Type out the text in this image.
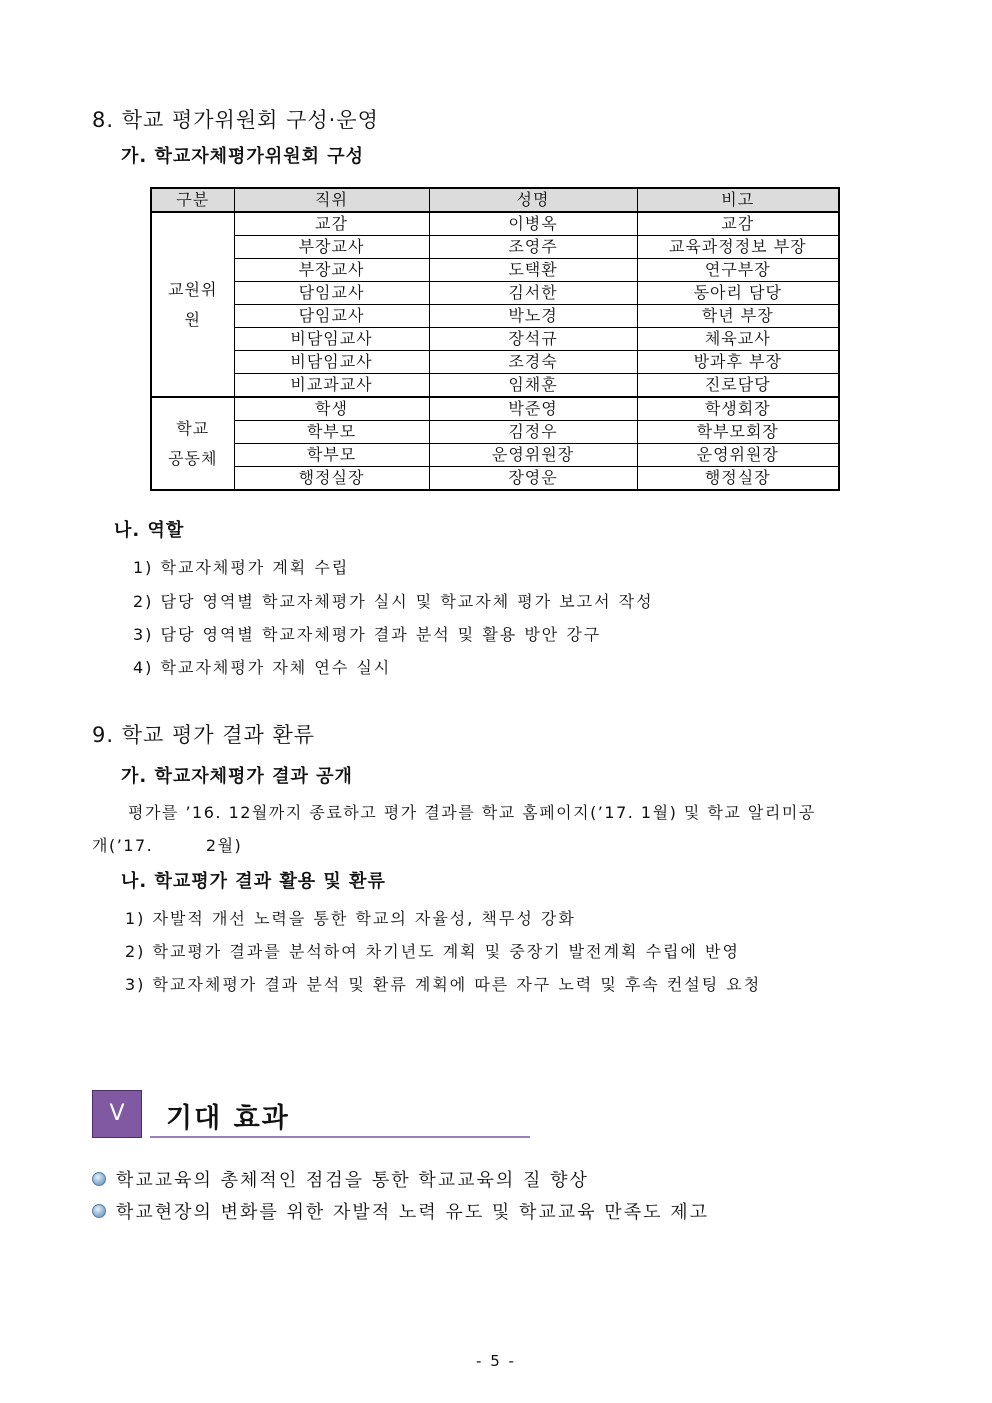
8. 학교 평가위원회 구성·운영
가. 학교자체평가위원회 구성
구분	직위	성명	비고
교원위
원	교감	이병옥	교감
	부장교사	조영주	교육과정정보 부장
	부장교사	도택환	연구부장
	담임교사	김서한	동아리 담당
	담임교사	박노경	학년 부장
	비담임교사	장석규	체육교사
	비담임교사	조경숙	방과후 부장
	비교과교사	임채훈	진로담당
학교
공동체	학생	박준영	학생회장
	학부모	김정우	학부모회장
	학부모	운영위원장	운영위원장
	행정실장	장영운	행정실장
나. 역할
1) 학교자체평가 계획 수립
2) 담당 영역별 학교자체평가 실시 및 학교자체 평가 보고서 작성
3) 담당 영역별 학교자체평가 결과 분석 및 활용 방안 강구
4) 학교자체평가 자체 연수 실시
9. 학교 평가 결과 환류
가. 학교자체평가 결과 공개
평가를 ’16. 12월까지 종료하고 평가 결과를 학교 홈페이지(’17. 1월) 및 학교 알리미공
개(’17.        2월)
나. 학교평가 결과 활용 및 환류
1) 자발적 개선 노력을 통한 학교의 자율성, 책무성 강화
2) 학교평가 결과를 분석하여 차기년도 계획 및 중장기 발전계획 수립에 반영
3) 학교자체평가 결과 분석 및 환류 계획에 따른 자구 노력 및 후속 컨설팅 요청
V	기대 효과
학교교육의 총체적인 점검을 통한 학교교육의 질 향상
학교현장의 변화를 위한 자발적 노력 유도 및 학교교육 만족도 제고
- 5 -
